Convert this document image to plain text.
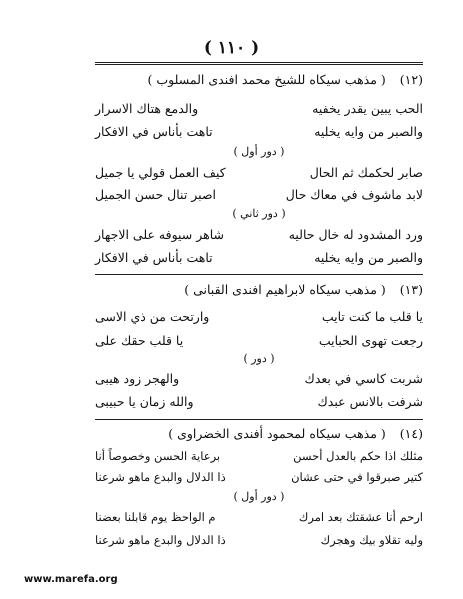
( ١١٠ )
(١٢)( مذهب سيكاه للشيخ محمد افندى المسلوب )
الحب يبين يقدر يخفيه
والدمع هتاك الاسرار
والصبر من وايه يخليه
تاهت بأناس في الافكار
( دور أول )
صابر لحكمك ثم الحال
كيف العمل قولي يا جميل
لابد ماشوف في معاك حال
اصبر تنال حسن الجميل
( دور ثاني )
ورد المشدود له خال حاليه
شاهر سيوفه على الاجهار
والصبر من وايه يخليه
تاهت بأناس في الافكار
(١٣)( مذهب سيكاه لابراهيم افندى القبانى )
يا قلب ما كنت تايب
وارتحت من ذي الاسى
رجعت تهوى الحبايب
يا قلب حقك على
( دور )
شربت كاسي في بعدك
والهجر زود هيبى
شرفت بالانس عبدك
والله زمان يا حبيبى
(١٤)( مذهب سيكاه لمحمود أفندى الخضراوى )
مثلك اذا حكم بالعدل أحسن
برعاية الحسن وخصوصاً أنا
كتير صبرقوا في حتى عشان
ذا الدلال والبدع ماهو شرعنا
( دور أول )
ارحم أنا عشقتك بعد امرك
م الواحظ يوم قابلنا بعضنا
وليه تقلاو بيك وهجرك
ذا الدلال والبدع ماهو شرعنا
www.marefa.org
